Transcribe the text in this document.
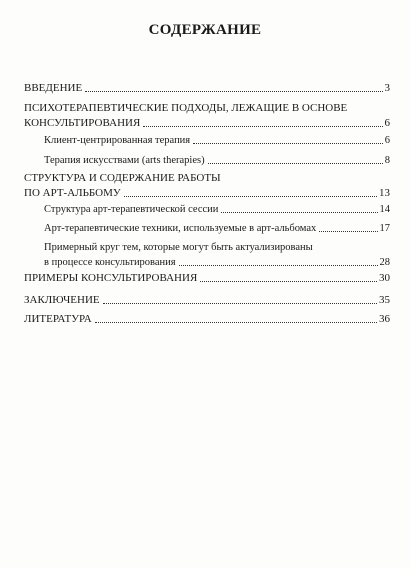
СОДЕРЖАНИЕ
ВВЕДЕНИЕ	3
ПСИХОТЕРАПЕВТИЧЕСКИЕ ПОДХОДЫ, ЛЕЖАЩИЕ В ОСНОВЕ
КОНСУЛЬТИРОВАНИЯ	6
Клиент-центрированная терапия	6
Терапия искусствами (arts therapies)	8
СТРУКТУРА И СОДЕРЖАНИЕ РАБОТЫ
ПО АРТ-АЛЬБОМУ	13
Структура арт-терапевтической сессии	14
Арт-терапевтические техники, используемые в арт-альбомах	17
Примерный круг тем, которые могут быть актуализированы
в процессе консультирования	28
ПРИМЕРЫ КОНСУЛЬТИРОВАНИЯ	30
ЗАКЛЮЧЕНИЕ	35
ЛИТЕРАТУРА	36
